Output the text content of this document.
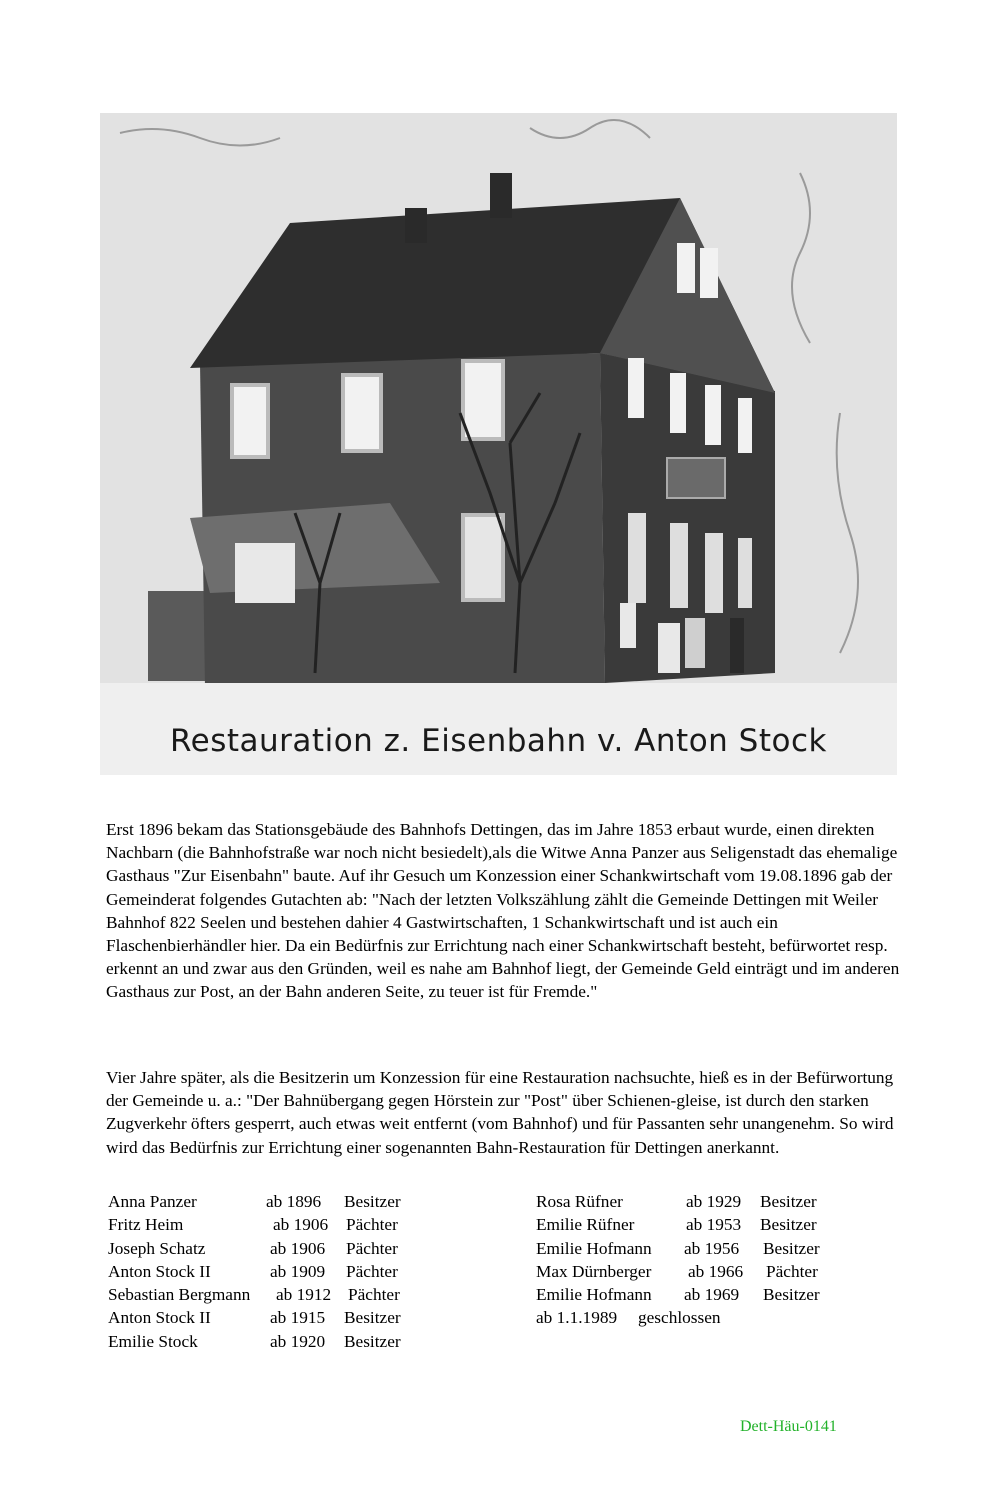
Restauration z. Eisenbahn v. Anton Stock

Erst 1896 bekam das Stationsgebäude des Bahnhofs Dettingen, das im Jahre 1853 erbaut wurde, einen direkten Nachbarn (die Bahnhofstraße war noch nicht besiedelt),als die Witwe Anna Panzer aus Seligenstadt das ehemalige Gasthaus "Zur Eisenbahn" baute. Auf ihr Gesuch um Konzession einer Schankwirtschaft vom 19.08.1896 gab der Gemeinderat folgendes Gutachten ab: "Nach der letzten Volkszählung zählt die Gemeinde Dettingen mit Weiler Bahnhof 822 Seelen und bestehen dahier 4 Gastwirtschaften, 1 Schankwirtschaft und ist auch ein Flaschenbierhändler hier. Da ein Bedürfnis zur Errichtung nach einer Schankwirtschaft besteht, befürwortet resp. erkennt an und zwar aus den Gründen, weil es nahe am Bahnhof liegt, der Gemeinde Geld einträgt und im anderen Gasthaus zur Post, an der Bahn anderen Seite, zu teuer ist für Fremde."

Vier Jahre später, als die Besitzerin um Konzession für eine Restauration nachsuchte, hieß es in der Befürwortung der Gemeinde u. a.: "Der Bahnübergang gegen Hörstein zur "Post" über Schienen-gleise, ist durch den starken Zugverkehr öfters gesperrt, auch etwas weit entfernt (vom Bahnhof) und für Passanten sehr unangenehm. So wird wird das Bedürfnis zur Errichtung einer sogenannten Bahn-Restauration für Dettingen anerkannt.

Anna Panzer	ab 1896 Besitzer
Fritz Heim	ab 1906 Pächter
Joseph Schatz	ab 1906 Pächter
Anton Stock II	ab 1909 Pächter
Sebastian Bergmann ab 1912 Pächter
Anton Stock II	ab 1915 Besitzer
Emilie Stock	ab 1920 Besitzer
Rosa Rüfner	ab 1929 Besitzer
Emilie Rüfner	ab 1953 Besitzer
Emilie Hofmann ab 1956 Besitzer
Max Dürnberger ab 1966 Pächter
Emilie Hofmann ab 1969 Besitzer
ab 1.1.1989 geschlossen
Dett-Häu-0141
